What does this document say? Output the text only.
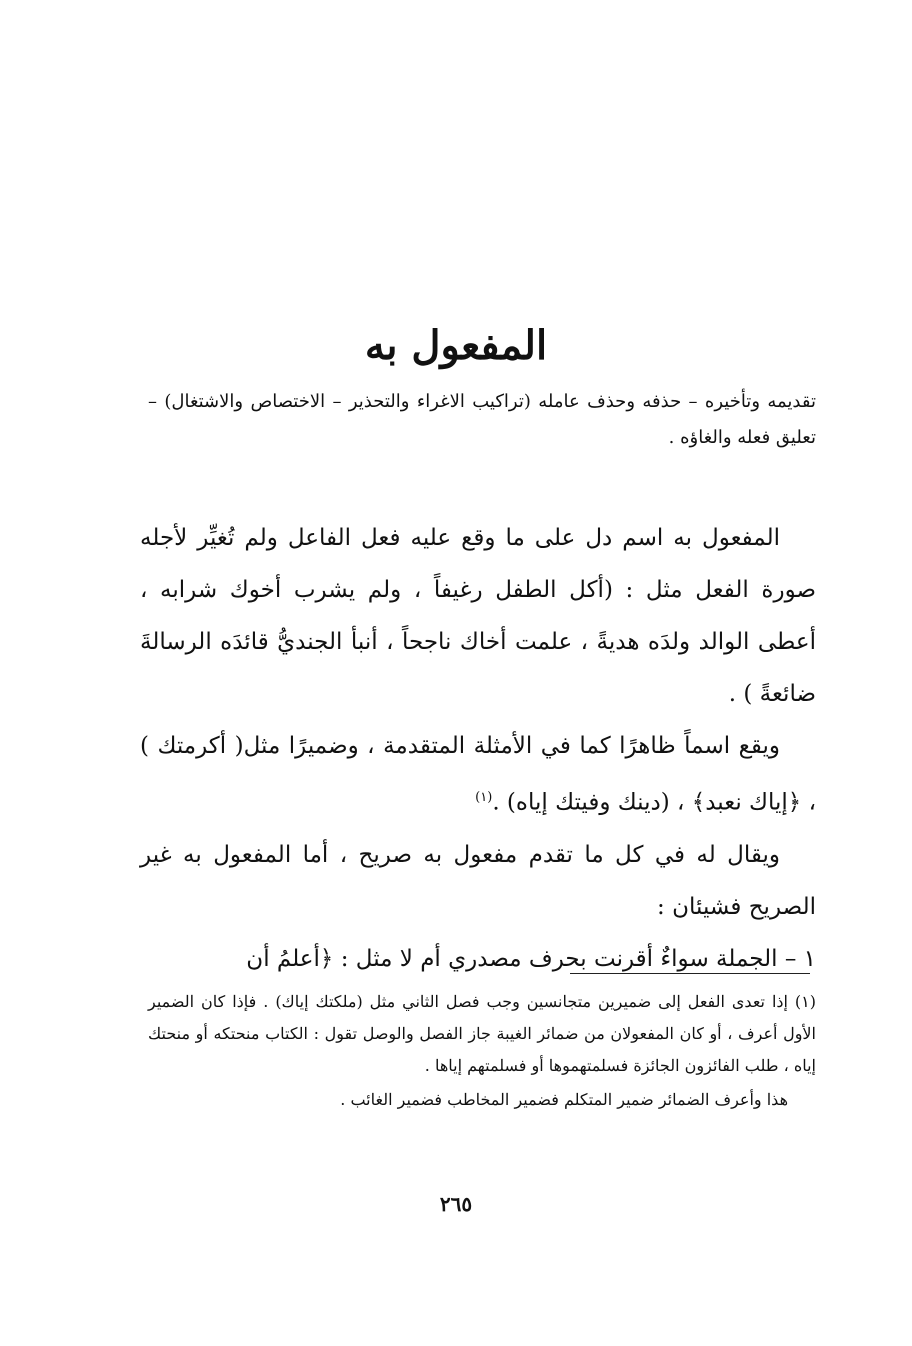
المفعول به

تقديمه وتأخيره – حذفه وحذف عامله (تراكيب الاغراء والتحذير – الاختصاص والاشتغال) – تعليق فعله والغاؤه .

المفعول به اسم دل على ما وقع عليه فعل الفاعل ولم تُغيِّر لأجله صورة الفعل مثل : (أكل الطفل رغيفاً ، ولم يشرب أخوك شرابه ، أعطى الوالد ولدَه هديةً ، علمت أخاك ناجحاً ، أنبأ الجنديُّ قائدَه الرسالةَ ضائعةً ) .

ويقع اسماً ظاهرًا كما في الأمثلة المتقدمة ، وضميرًا مثل( أكرمتك ) ، ﴿إياك نعبد﴾ ، (دينك وفيتك إياه) .$^{(١)}$

ويقال له في كل ما تقدم مفعول به صريح ، أما المفعول به غير الصريح فشيئان :

١ – الجملة سواءٌ أقرنت بحرف مصدري أم لا مثل : ﴿أعلمُ أن

(١) إذا تعدى الفعل إلى ضميرين متجانسين وجب فصل الثاني مثل (ملكتك إياك) . فإذا كان الضمير الأول أعرف ، أو كان المفعولان من ضمائر الغيبة جاز الفصل والوصل تقول : الكتاب منحتكه أو منحتك إياه ، طلب الفائزون الجائزة فسلمتهموها أو فسلمتهم إياها .

هذا وأعرف الضمائر ضمير المتكلم فضمير المخاطب فضمير الغائب .

٢٦٥
